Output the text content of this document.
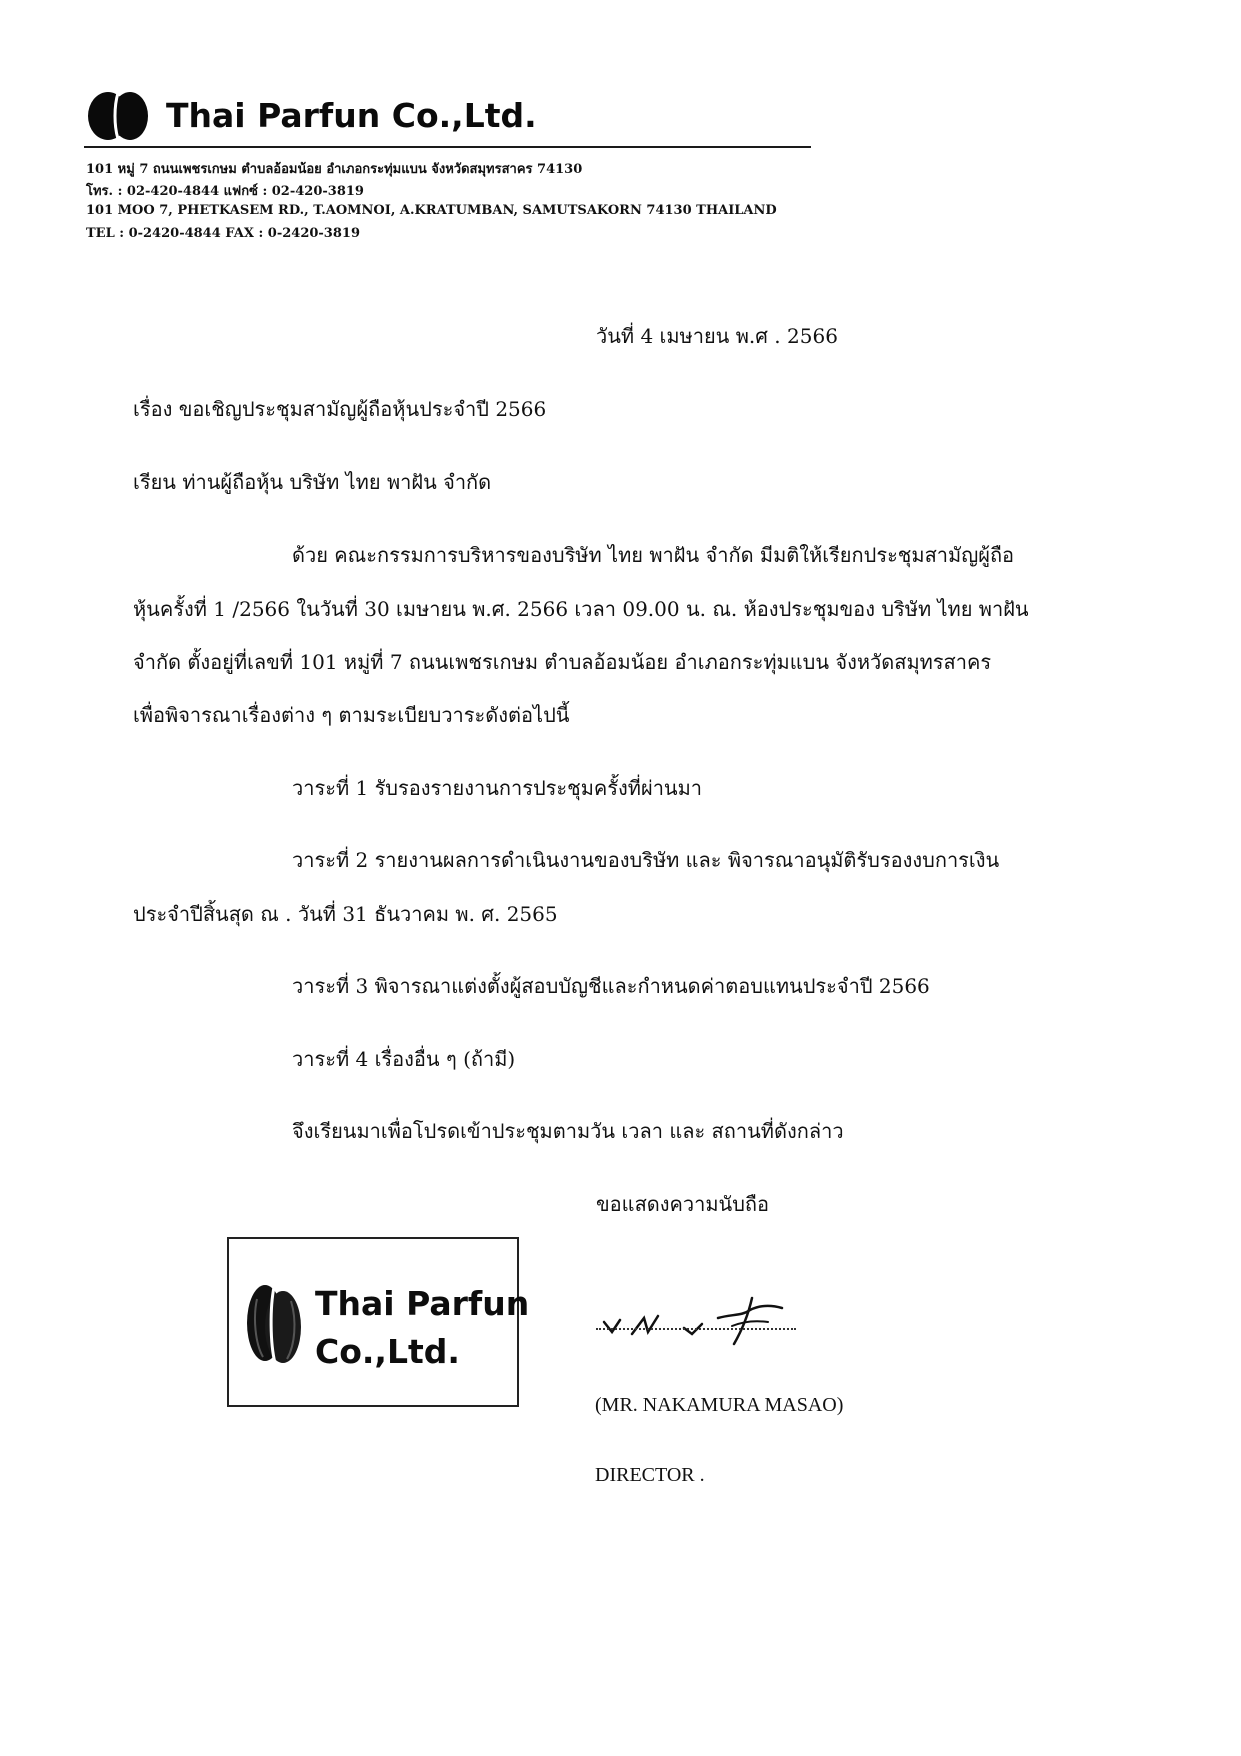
Thai Parfun Co.,Ltd.
101 หมู่ 7 ถนนเพชรเกษม ตำบลอ้อมน้อย อำเภอกระทุ่มแบน จังหวัดสมุทรสาคร 74130
โทร. : 02-420-4844 แฟกซ์ : 02-420-3819
101 MOO 7, PHETKASEM RD., T.AOMNOI, A.KRATUMBAN, SAMUTSAKORN 74130 THAILAND
TEL : 0-2420-4844 FAX : 0-2420-3819
วันที่ 4 เมษายน พ.ศ . 2566
เรื่อง ขอเชิญประชุมสามัญผู้ถือหุ้นประจำปี 2566
เรียน ท่านผู้ถือหุ้น บริษัท ไทย พาฝัน จำกัด
ด้วย คณะกรรมการบริหารของบริษัท ไทย พาฝัน จำกัด มีมติให้เรียกประชุมสามัญผู้ถือ
หุ้นครั้งที่ 1 /2566 ในวันที่ 30 เมษายน พ.ศ. 2566 เวลา 09.00 น. ณ. ห้องประชุมของ บริษัท ไทย พาฝัน
จำกัด ตั้งอยู่ที่เลขที่ 101 หมู่ที่ 7 ถนนเพชรเกษม ตำบลอ้อมน้อย อำเภอกระทุ่มแบน จังหวัดสมุทรสาคร
เพื่อพิจารณาเรื่องต่าง ๆ ตามระเบียบวาระดังต่อไปนี้
วาระที่ 1 รับรองรายงานการประชุมครั้งที่ผ่านมา
วาระที่ 2 รายงานผลการดำเนินงานของบริษัท และ พิจารณาอนุมัติรับรองงบการเงิน
ประจำปีสิ้นสุด ณ . วันที่ 31 ธันวาคม พ. ศ. 2565
วาระที่ 3 พิจารณาแต่งตั้งผู้สอบบัญชีและกำหนดค่าตอบแทนประจำปี 2566
วาระที่ 4 เรื่องอื่น ๆ (ถ้ามี)
จึงเรียนมาเพื่อโปรดเข้าประชุมตามวัน เวลา และ สถานที่ดังกล่าว
ขอแสดงความนับถือ
Thai Parfun
Co.,Ltd.
(MR. NAKAMURA MASAO)
DIRECTOR .
